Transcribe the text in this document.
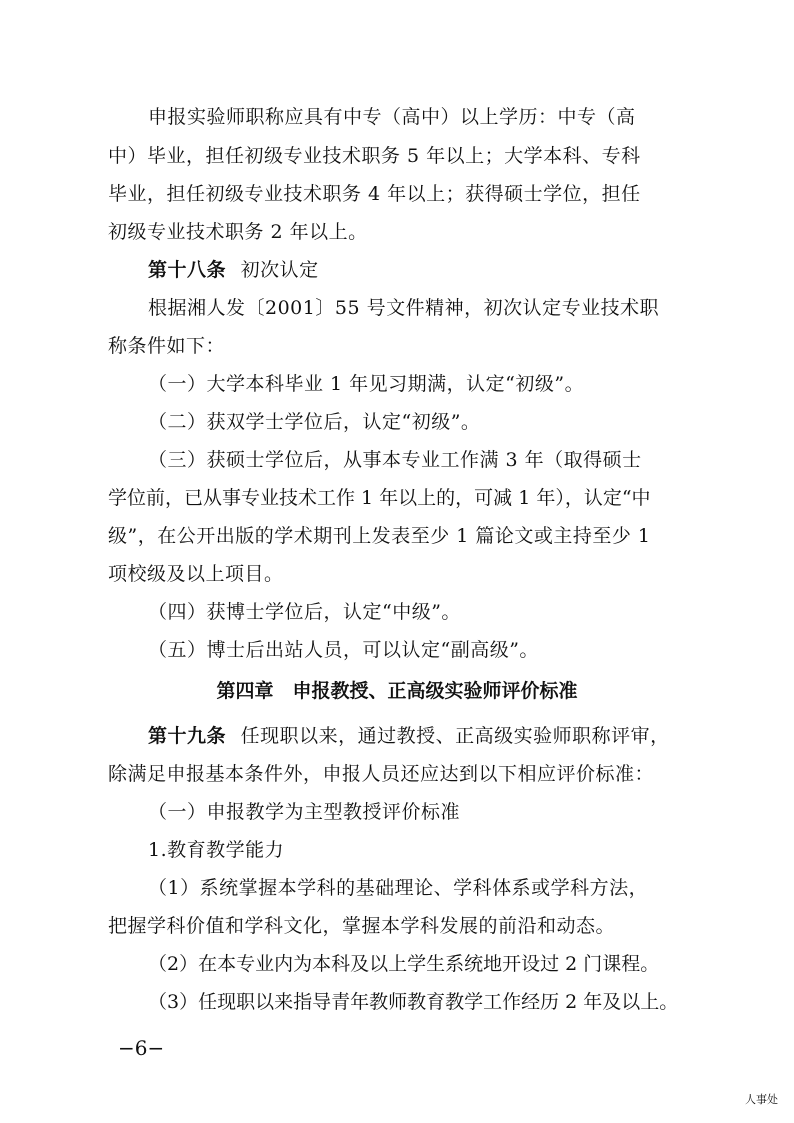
申报实验师职称应具有中专（高中）以上学历：中专（高
中）毕业，担任初级专业技术职务 5 年以上；大学本科、专科
毕业，担任初级专业技术职务 4 年以上；获得硕士学位，担任
初级专业技术职务 2 年以上。
第十八条 初次认定
根据湘人发〔2001〕55 号文件精神，初次认定专业技术职
称条件如下：
（一）大学本科毕业 1 年见习期满，认定“初级”。
（二）获双学士学位后，认定“初级”。
（三）获硕士学位后，从事本专业工作满 3 年（取得硕士
学位前，已从事专业技术工作 1 年以上的，可减 1 年），认定“中
级”，在公开出版的学术期刊上发表至少 1 篇论文或主持至少 1
项校级及以上项目。
（四）获博士学位后，认定“中级”。
（五）博士后出站人员，可以认定“副高级”。
第四章　申报教授、正高级实验师评价标准
第十九条 任现职以来，通过教授、正高级实验师职称评审，
除满足申报基本条件外，申报人员还应达到以下相应评价标准：
（一）申报教学为主型教授评价标准
1.教育教学能力
（1）系统掌握本学科的基础理论、学科体系或学科方法，
把握学科价值和学科文化，掌握本学科发展的前沿和动态。
（2）在本专业内为本科及以上学生系统地开设过 2 门课程。
（3）任现职以来指导青年教师教育教学工作经历 2 年及以上。
−6−
人事处
